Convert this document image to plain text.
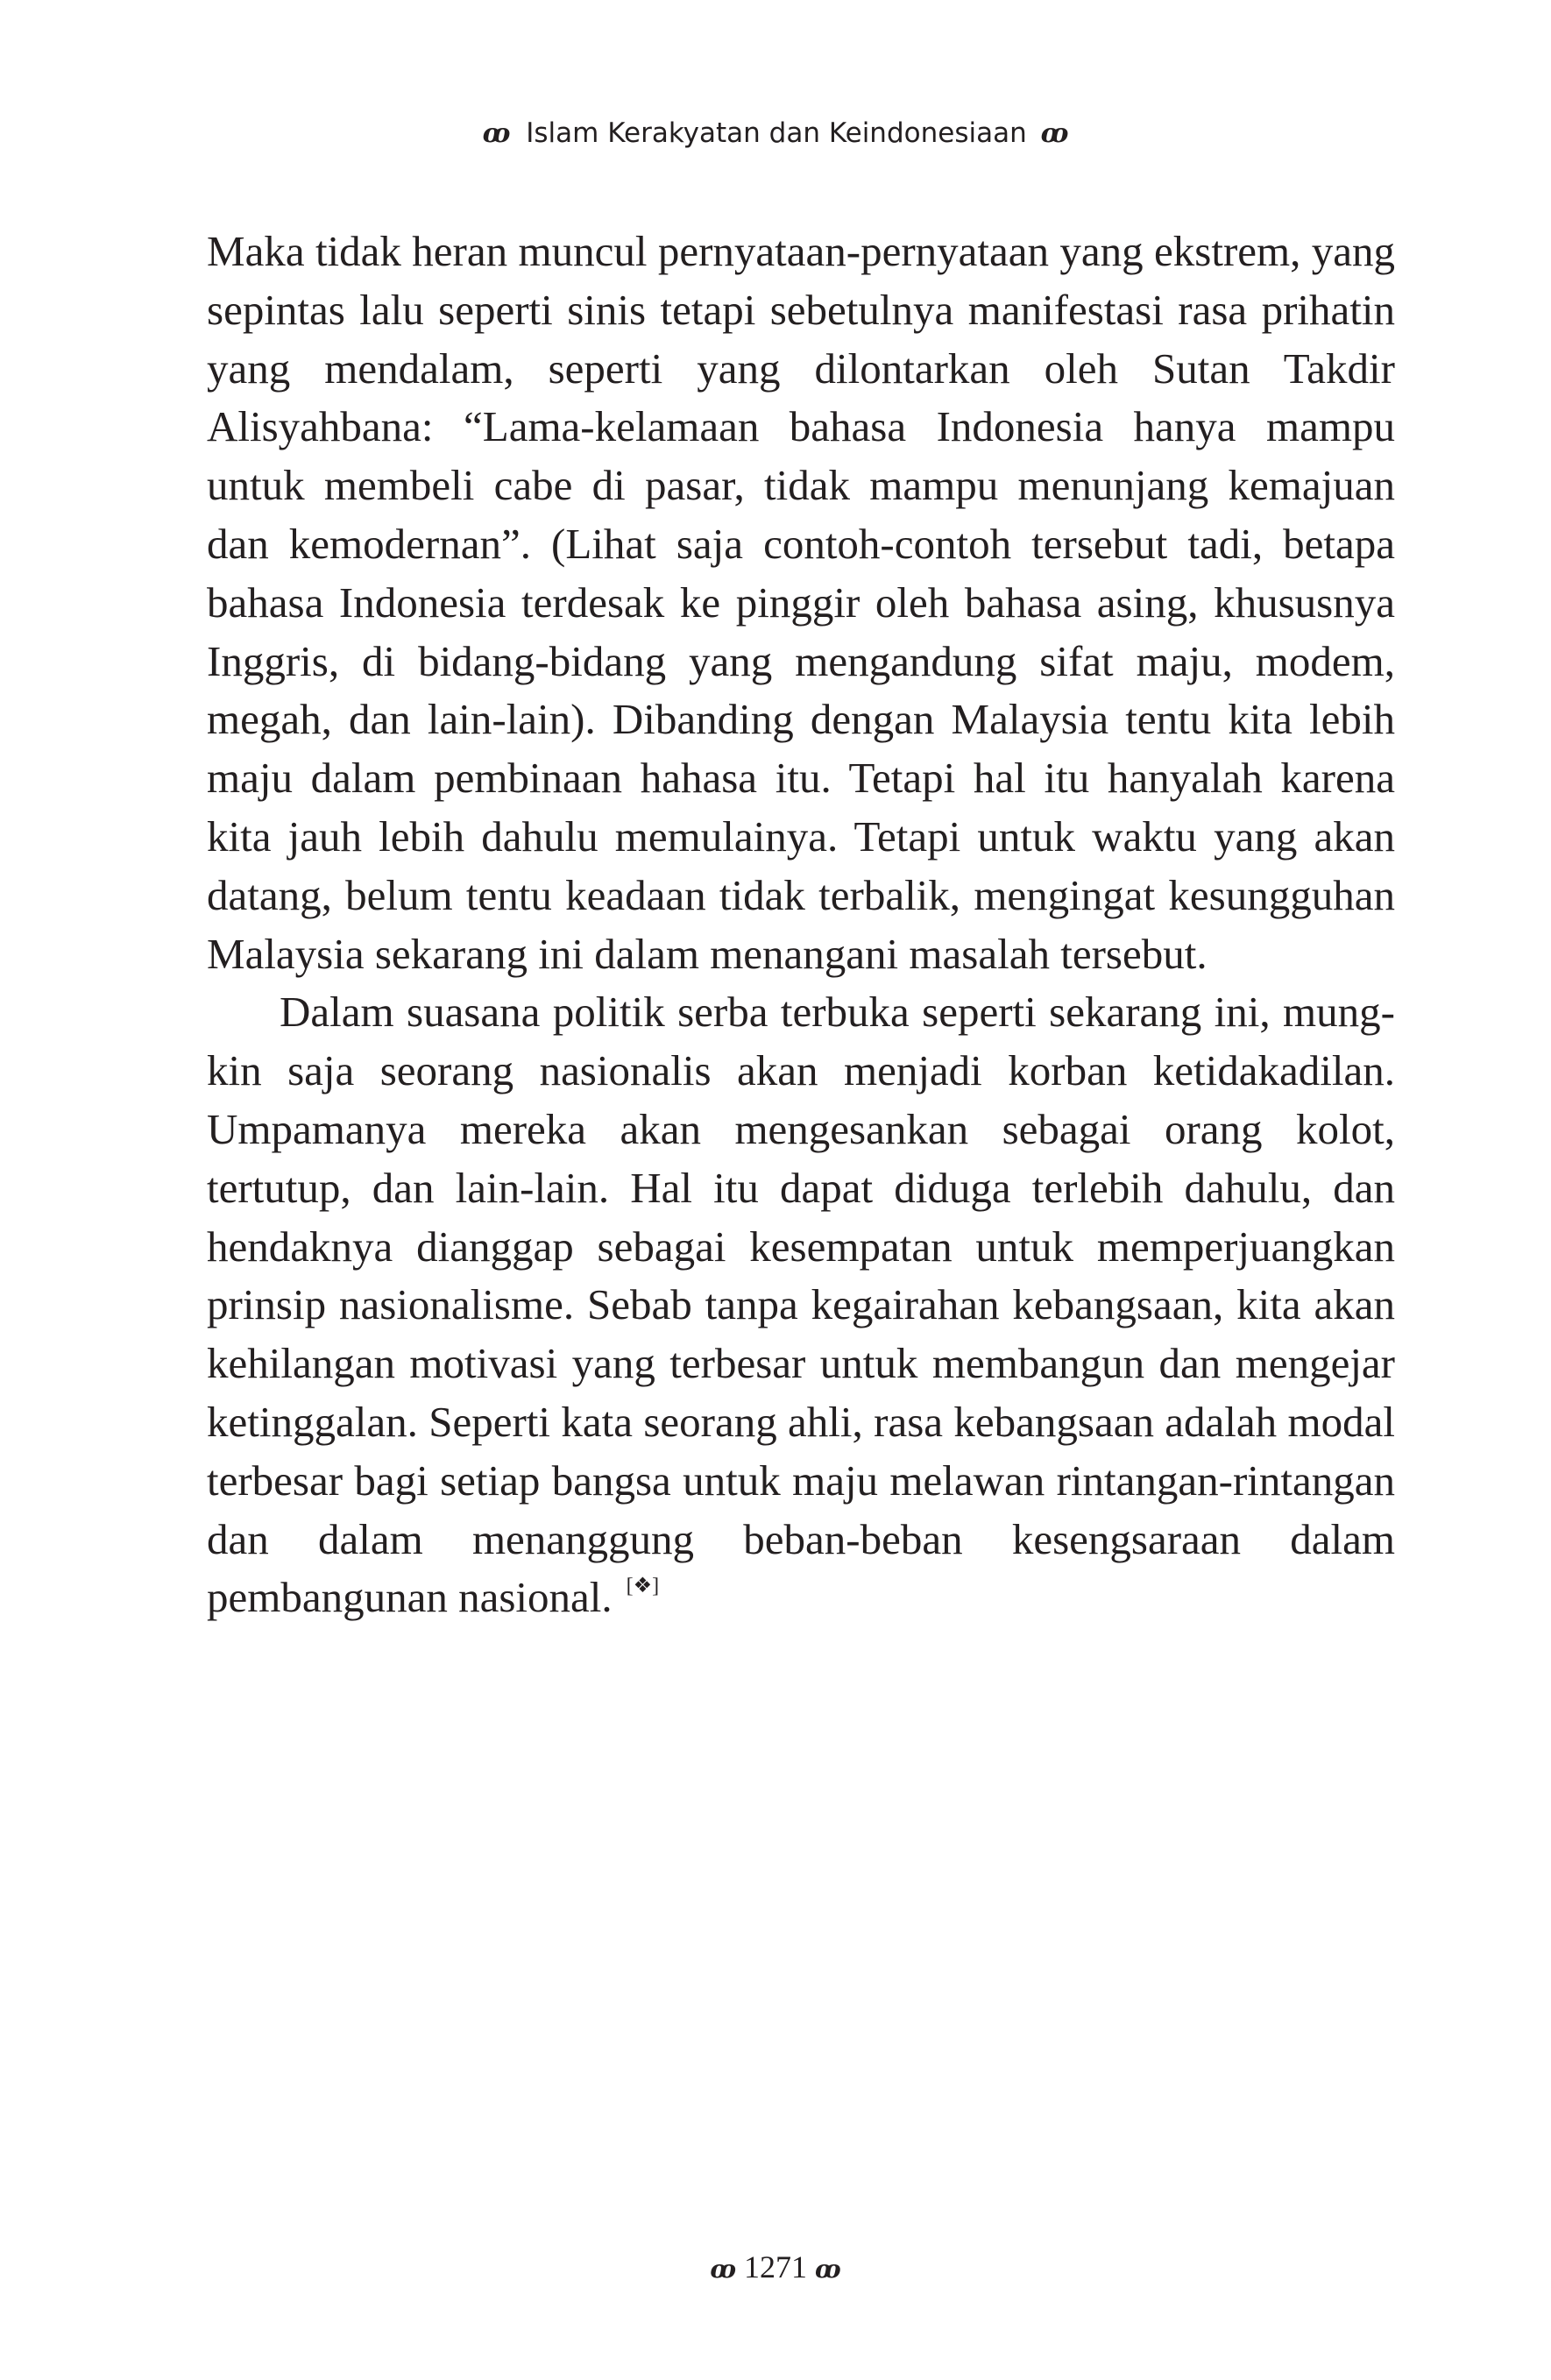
ꝏ Islam Kerakyatan dan Keindonesiaan ꝏ

Maka tidak heran muncul pernyataan-pernyataan yang ekstrem, yang sepintas lalu seperti sinis tetapi sebetulnya manifestasi rasa prihatin yang mendalam, seperti yang dilontarkan oleh Sutan Takdir Alisyahbana: “Lama-kelamaan bahasa Indonesia hanya mampu untuk membeli cabe di pasar, tidak mampu menunjang kemajuan dan kemodernan”. (Lihat saja contoh-contoh tersebut tadi, betapa bahasa Indonesia terdesak ke pinggir oleh bahasa asing, khususnya Inggris, di bidang-bidang yang mengandung sifat maju, modem, megah, dan lain-lain). Dibanding dengan Malaysia tentu kita lebih maju dalam pembinaan hahasa itu. Tetapi hal itu hanyalah karena kita jauh lebih dahulu memulainya. Tetapi untuk waktu yang akan datang, belum tentu keadaan tidak terbalik, mengingat kesungguhan Malaysia sekarang ini dalam menangani masalah tersebut.

Dalam suasana politik serba terbuka seperti sekarang ini, mungkin saja seorang nasionalis akan menjadi korban ketidakadilan. Umpamanya mereka akan mengesankan sebagai orang kolot, tertutup, dan lain-lain. Hal itu dapat diduga terlebih dahulu, dan hendaknya dianggap sebagai kesempatan untuk memperjuangkan prinsip nasionalisme. Sebab tanpa kegairahan kebangsaan, kita akan kehilangan motivasi yang terbesar untuk membangun dan mengejar ketinggalan. Seperti kata seorang ahli, rasa kebangsaan adalah modal terbesar bagi setiap bangsa untuk maju melawan rintangan-rintangan dan dalam menanggung beban-beban kesengsaraan dalam pembangunan nasional. [❖]

ꝏ 1271 ꝏ
